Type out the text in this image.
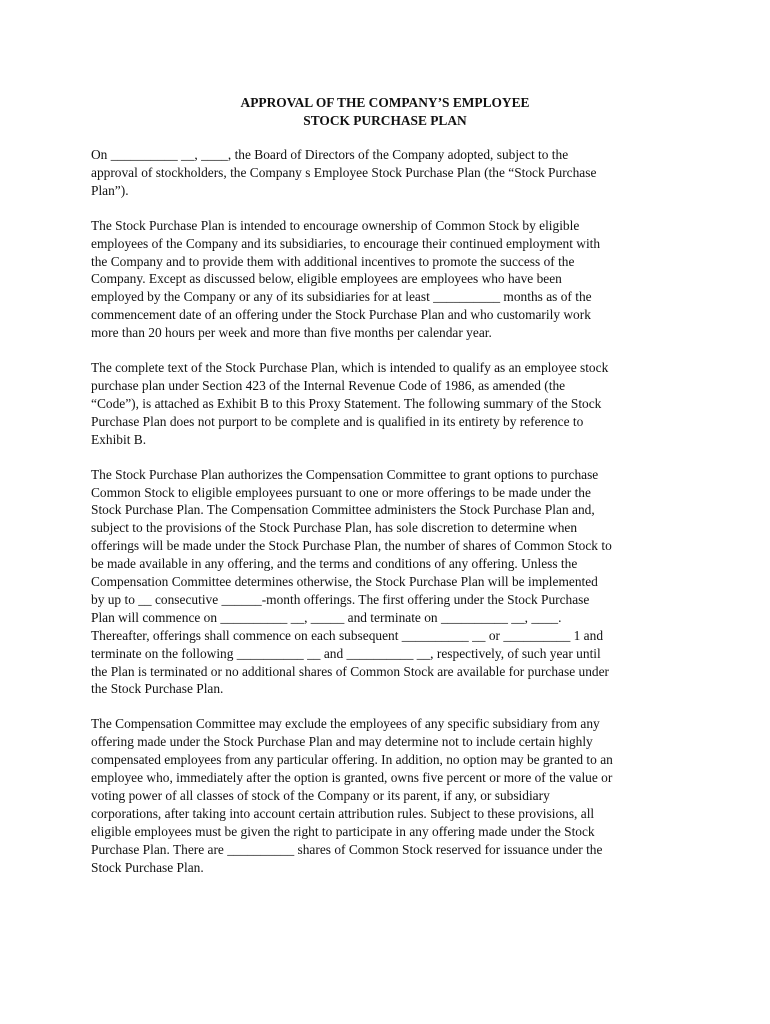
APPROVAL OF THE COMPANY’S EMPLOYEE
STOCK PURCHASE PLAN

On __________ __, ____, the Board of Directors of the Company adopted, subject to the
approval of stockholders, the Company s Employee Stock Purchase Plan (the “Stock Purchase
Plan”).

The Stock Purchase Plan is intended to encourage ownership of Common Stock by eligible
employees of the Company and its subsidiaries, to encourage their continued employment with
the Company and to provide them with additional incentives to promote the success of the
Company. Except as discussed below, eligible employees are employees who have been
employed by the Company or any of its subsidiaries for at least __________ months as of the
commencement date of an offering under the Stock Purchase Plan and who customarily work
more than 20 hours per week and more than five months per calendar year.

The complete text of the Stock Purchase Plan, which is intended to qualify as an employee stock
purchase plan under Section 423 of the Internal Revenue Code of 1986, as amended (the
“Code”), is attached as Exhibit B to this Proxy Statement. The following summary of the Stock
Purchase Plan does not purport to be complete and is qualified in its entirety by reference to
Exhibit B.

The Stock Purchase Plan authorizes the Compensation Committee to grant options to purchase
Common Stock to eligible employees pursuant to one or more offerings to be made under the
Stock Purchase Plan. The Compensation Committee administers the Stock Purchase Plan and,
subject to the provisions of the Stock Purchase Plan, has sole discretion to determine when
offerings will be made under the Stock Purchase Plan, the number of shares of Common Stock to
be made available in any offering, and the terms and conditions of any offering. Unless the
Compensation Committee determines otherwise, the Stock Purchase Plan will be implemented
by up to __ consecutive ______-month offerings. The first offering under the Stock Purchase
Plan will commence on __________ __, _____ and terminate on __________ __, ____.
Thereafter, offerings shall commence on each subsequent __________ __ or __________ 1 and
terminate on the following __________ __ and __________ __, respectively, of such year until
the Plan is terminated or no additional shares of Common Stock are available for purchase under
the Stock Purchase Plan.

The Compensation Committee may exclude the employees of any specific subsidiary from any
offering made under the Stock Purchase Plan and may determine not to include certain highly
compensated employees from any particular offering. In addition, no option may be granted to an
employee who, immediately after the option is granted, owns five percent or more of the value or
voting power of all classes of stock of the Company or its parent, if any, or subsidiary
corporations, after taking into account certain attribution rules. Subject to these provisions, all
eligible employees must be given the right to participate in any offering made under the Stock
Purchase Plan. There are __________ shares of Common Stock reserved for issuance under the
Stock Purchase Plan.
